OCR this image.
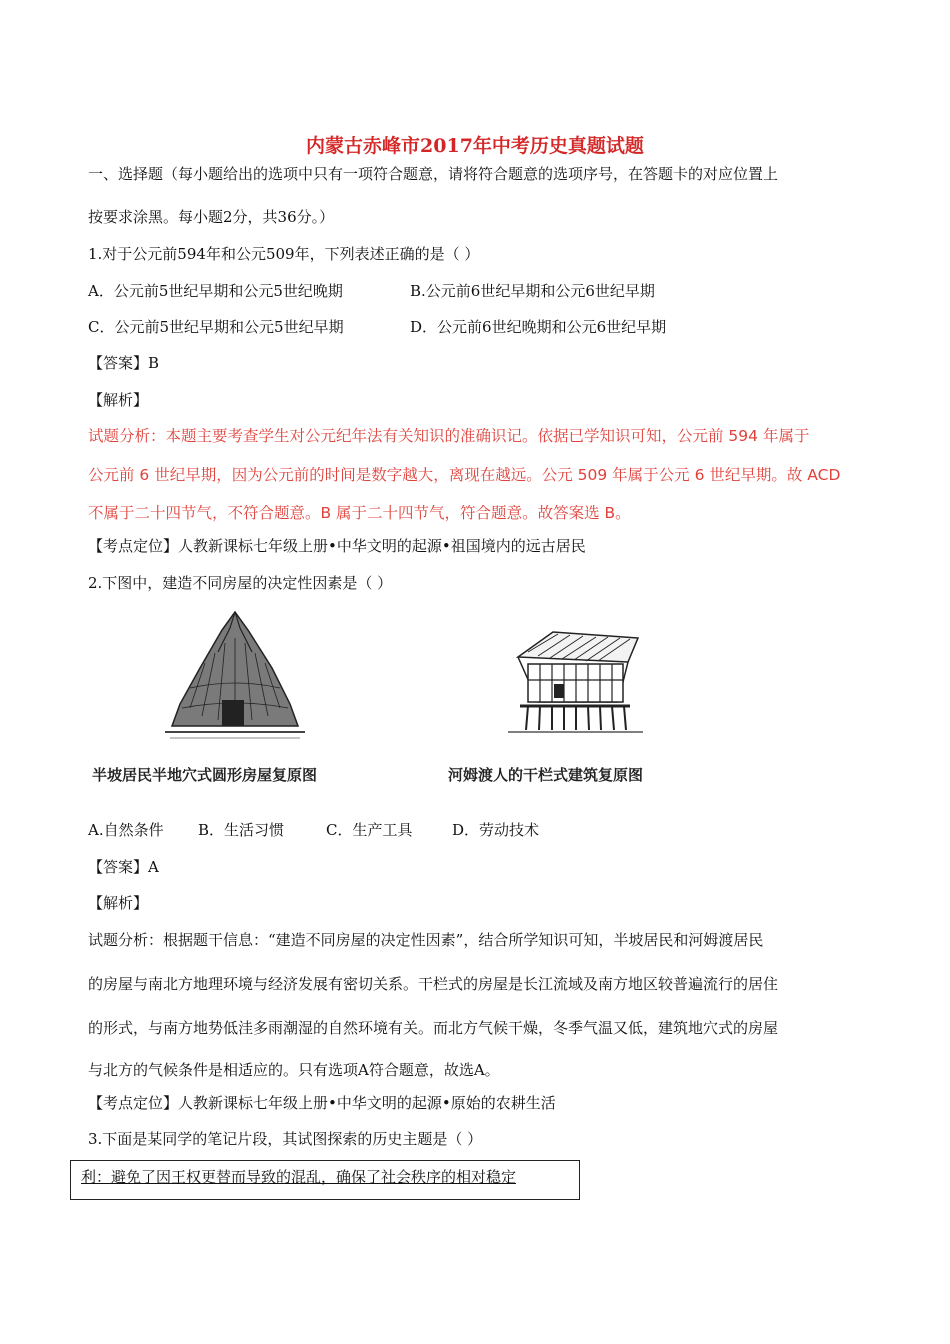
内蒙古赤峰市2017年中考历史真题试题
一、选择题（每小题给出的选项中只有一项符合题意，请将符合题意的选项序号，在答题卡的对应位置上
按要求涂黑。每小题2分，共36分。）
1.对于公元前594年和公元509年，下列表述正确的是（ ）
A．公元前5世纪早期和公元5世纪晚期	B.公元前6世纪早期和公元6世纪早期
C．公元前5世纪早期和公元5世纪早期	D．公元前6世纪晚期和公元6世纪早期
【答案】B
【解析】
试题分析：本题主要考查学生对公元纪年法有关知识的准确识记。依据已学知识可知，公元前 594 年属于
公元前 6 世纪早期，因为公元前的时间是数字越大，离现在越远。公元 509 年属于公元 6 世纪早期。故 ACD
不属于二十四节气，不符合题意。B 属于二十四节气，符合题意。故答案选 B。
【考点定位】人教新课标七年级上册•中华文明的起源•祖国境内的远古居民
2.下图中，建造不同房屋的决定性因素是（ ）
半坡居民半地穴式圆形房屋复原图	河姆渡人的干栏式建筑复原图
A.自然条件 B．生活习惯	C．生产工具	D．劳动技术
【答案】A
【解析】
试题分析：根据题干信息：“建造不同房屋的决定性因素”，结合所学知识可知，半坡居民和河姆渡居民
的房屋与南北方地理环境与经济发展有密切关系。干栏式的房屋是长江流域及南方地区较普遍流行的居住
的形式，与南方地势低洼多雨潮湿的自然环境有关。而北方气候干燥，冬季气温又低，建筑地穴式的房屋
与北方的气候条件是相适应的。只有选项A符合题意，故选A。
【考点定位】人教新课标七年级上册•中华文明的起源•原始的农耕生活
3.下面是某同学的笔记片段，其试图探索的历史主题是（ ）
利：避免了因王权更替而导致的混乱，确保了社会秩序的相对稳定
